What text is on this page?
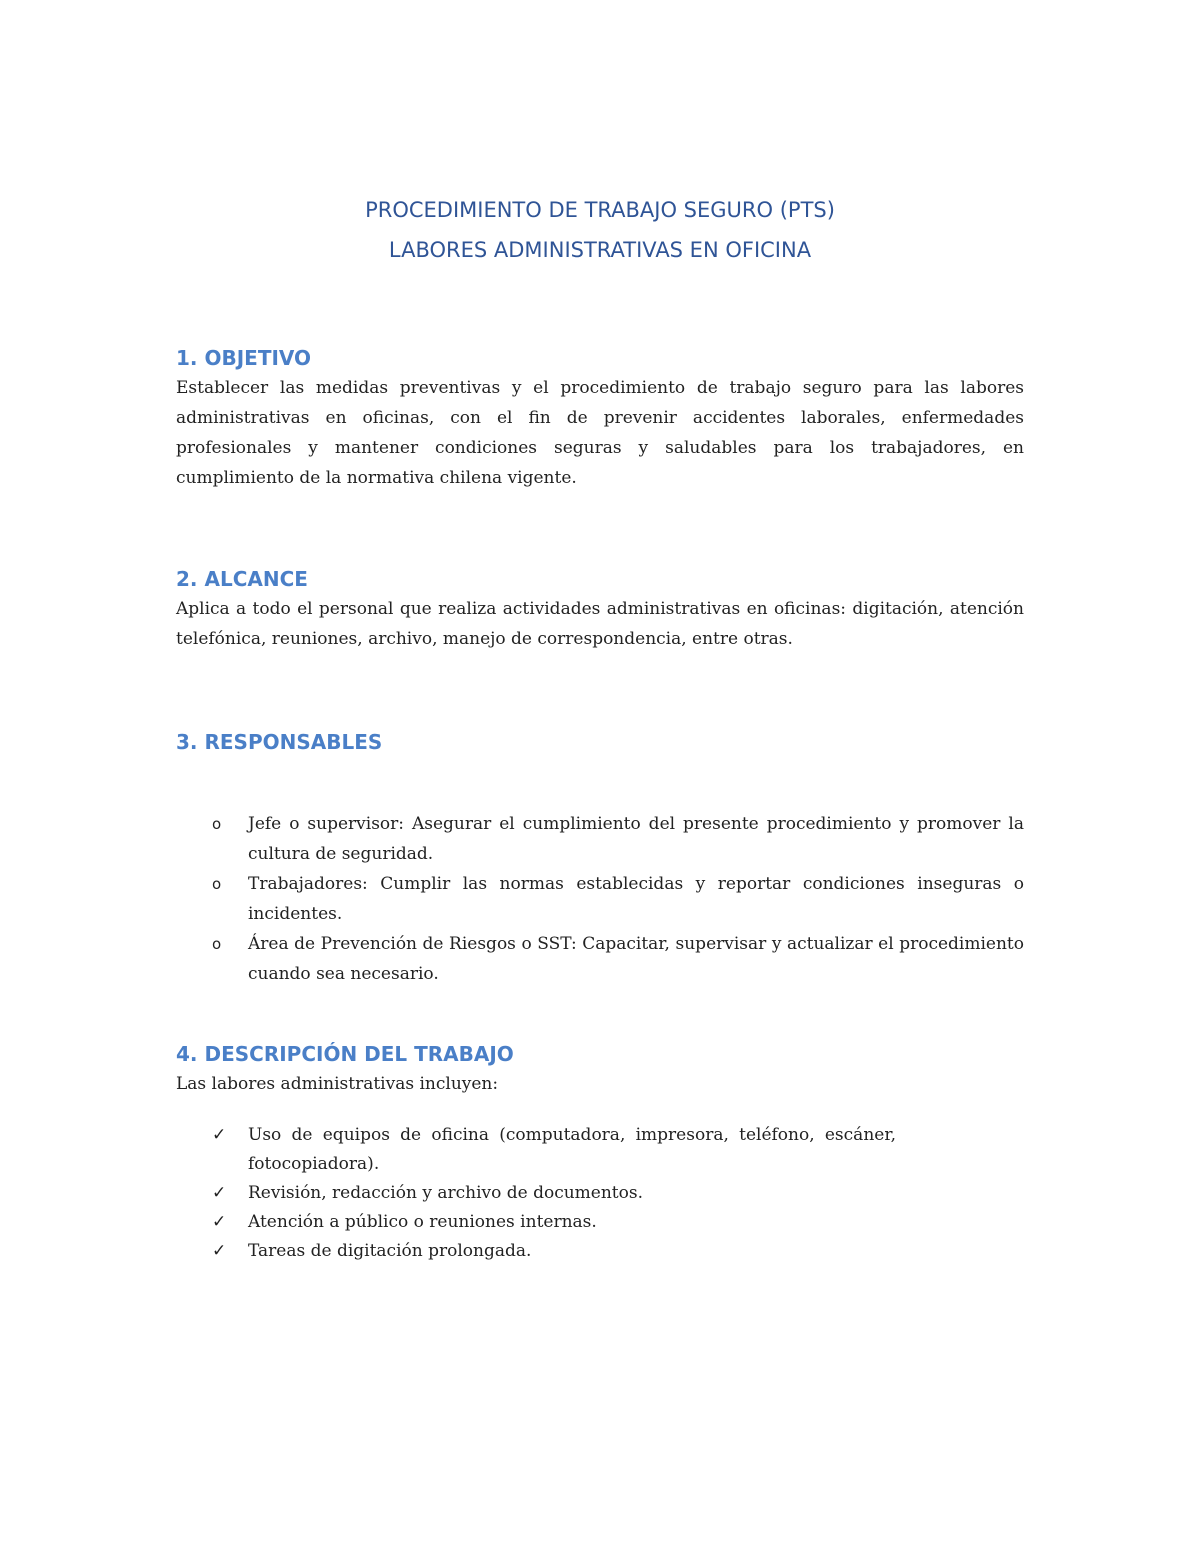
PROCEDIMIENTO DE TRABAJO SEGURO (PTS)
LABORES ADMINISTRATIVAS EN OFICINA
1. OBJETIVO

Establecer las medidas preventivas y el procedimiento de trabajo seguro para las labores administrativas en oficinas, con el fin de prevenir accidentes laborales, enfermedades profesionales y mantener condiciones seguras y saludables para los trabajadores, en cumplimiento de la normativa chilena vigente.

2. ALCANCE

Aplica a todo el personal que realiza actividades administrativas en oficinas: digitación, atención telefónica, reuniones, archivo, manejo de correspondencia, entre otras.

3. RESPONSABLES
o Jefe o supervisor: Asegurar el cumplimiento del presente procedimiento y promover la cultura de seguridad.
o Trabajadores: Cumplir las normas establecidas y reportar condiciones inseguras o incidentes.
o Área de Prevención de Riesgos o SST: Capacitar, supervisar y actualizar el procedimiento cuando sea necesario.
4. DESCRIPCIÓN DEL TRABAJO

Las labores administrativas incluyen:

✓ Uso de equipos de oficina (computadora, impresora, teléfono, escáner, fotocopiadora).
✓ Revisión, redacción y archivo de documentos.
✓ Atención a público o reuniones internas.
✓ Tareas de digitación prolongada.
